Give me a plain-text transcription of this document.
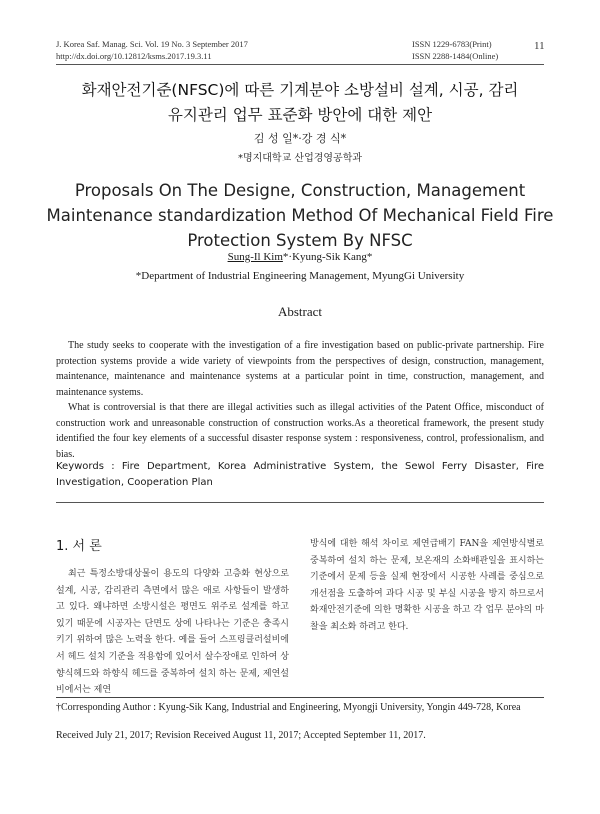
J. Korea Saf. Manag. Sci. Vol. 19 No. 3 September 2017
http://dx.doi.org/10.12812/ksms.2017.19.3.11
ISSN 1229-6783(Print)
ISSN 2288-1484(Online)
11
화재안전기준(NFSC)에 따른 기계분야 소방설비 설계, 시공, 감리
유지관리 업무 표준화 방안에 대한 제안
김 성 일*·강 경 식*
*명지대학교 산업경영공학과
Proposals On The Designe, Construction, Management
Maintenance standardization Method Of Mechanical Field Fire
Protection System By NFSC
Sung-Il Kim*·Kyung-Sik Kang*
*Department of Industrial Engineering Management, MyungGi University
Abstract

The study seeks to cooperate with the investigation of a fire investigation based on public-private partnership. Fire protection systems provide a wide variety of viewpoints from the perspectives of design, construction, management, maintenance, maintenance and maintenance systems at a particular point in time, construction, management, and maintenance systems.

What is controversial is that there are illegal activities such as illegal activities of the Patent Office, misconduct of construction work and unreasonable construction of construction works.As a theoretical framework, the present study identified the four key elements of a successful disaster response system : responsiveness, control, professionalism, and bias.

Keywords : Fire Department, Korea Administrative System, the Sewol Ferry Disaster, Fire Investigation, Cooperation Plan
1. 서 론
최근 특정소방대상물이 용도의 다양화 고층화 현상으로 설계, 시공, 감리관리 측면에서 많은 애로 사항들이 발생하고 있다. 왜냐하면 소방시설은 평면도 위주로 설계를 하고 있기 때문에 시공자는 단면도 상에 나타나는 기준은 충족시키기 위하여 많은 노력을 한다. 예를 들어 스프링클러설비에서 헤드 설치 기준을 적용함에 있어서 살수장애로 인하여 상향식헤드와 하향식 헤드를 중복하여 설치 하는 문제, 제연설비에서는 제연
방식에 대한 해석 차이로 제연급배기 FAN을 제연방식별로 중복하여 설치 하는 문제, 보온재의 소화배관일을 표시하는 기준에서 문제 등을 실제 현장에서 시공한 사례를 중심으로 개선점을 도출하여 과다 시공 및 부실 시공을 방지 하므로서 화재안전기준에 의한 명확한 시공을 하고 각 업무 분야의 마찰을 최소화 하려고 한다.
†Corresponding Author : Kyung-Sik Kang, Industrial and Engineering, Myongji University, Yongin 449-728, Korea
Received July 21, 2017; Revision Received August 11, 2017; Accepted September 11, 2017.
